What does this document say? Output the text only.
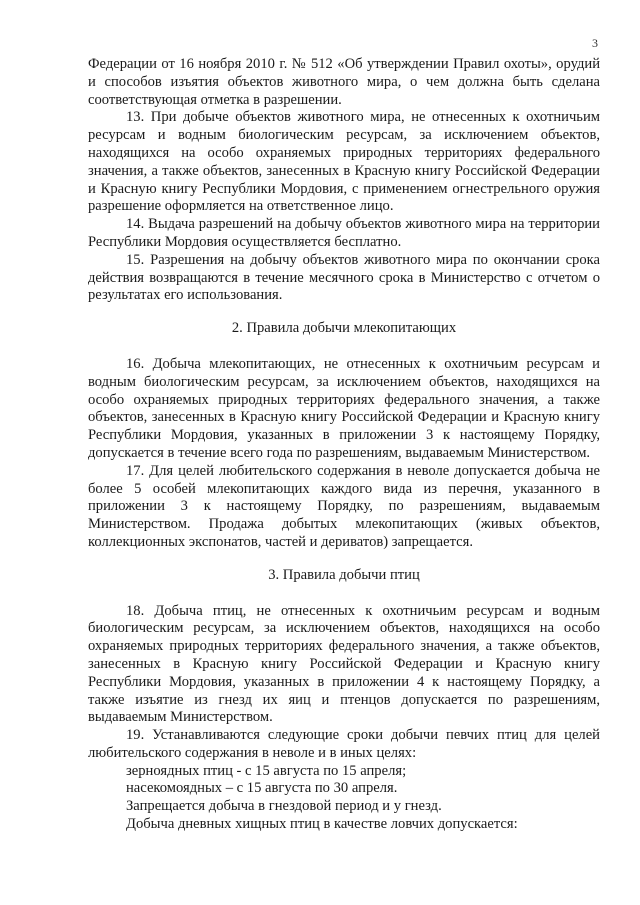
3

Федерации от 16 ноября 2010 г. № 512 «Об утверждении Правил охоты», орудий и способов изъятия объектов животного мира, о чем должна быть сделана соответствующая отметка в разрешении.

13. При добыче объектов животного мира, не отнесенных к охотничьим ресурсам и водным биологическим ресурсам, за исключением объектов, находящихся на особо охраняемых природных территориях федерального значения, а также объектов, занесенных в Красную книгу Российской Федерации и Красную книгу Республики Мордовия, с применением огнестрельного оружия разрешение оформляется на ответственное лицо.

14. Выдача разрешений на добычу объектов животного мира на территории Республики Мордовия осуществляется бесплатно.

15. Разрешения на добычу объектов животного мира по окончании срока действия возвращаются в течение месячного срока в Министерство с отчетом о результатах его использования.

2. Правила добычи млекопитающих

16. Добыча млекопитающих, не отнесенных к охотничьим ресурсам и водным биологическим ресурсам, за исключением объектов, находящихся на особо охраняемых природных территориях федерального значения, а также объектов, занесенных в Красную книгу Российской Федерации и Красную книгу Республики Мордовия, указанных в приложении 3 к настоящему Порядку, допускается в течение всего года по разрешениям, выдаваемым Министерством.

17. Для целей любительского содержания в неволе допускается добыча не более 5 особей млекопитающих каждого вида из перечня, указанного в приложении 3 к настоящему Порядку, по разрешениям, выдаваемым Министерством. Продажа добытых млекопитающих (живых объектов, коллекционных экспонатов, частей и дериватов) запрещается.

3. Правила добычи птиц

18. Добыча птиц, не отнесенных к охотничьим ресурсам и водным биологическим ресурсам, за исключением объектов, находящихся на особо охраняемых природных территориях федерального значения, а также объектов, занесенных в Красную книгу Российской Федерации и Красную книгу Республики Мордовия, указанных в приложении 4 к настоящему Порядку, а также изъятие из гнезд их яиц и птенцов допускается по разрешениям, выдаваемым Министерством.

19. Устанавливаются следующие сроки добычи певчих птиц для целей любительского содержания в неволе и в иных целях:

зерноядных птиц - с 15 августа по 15 апреля;

насекомоядных – с 15 августа по 30 апреля.

Запрещается добыча в гнездовой период и у гнезд.

Добыча дневных хищных птиц в качестве ловчих допускается:
